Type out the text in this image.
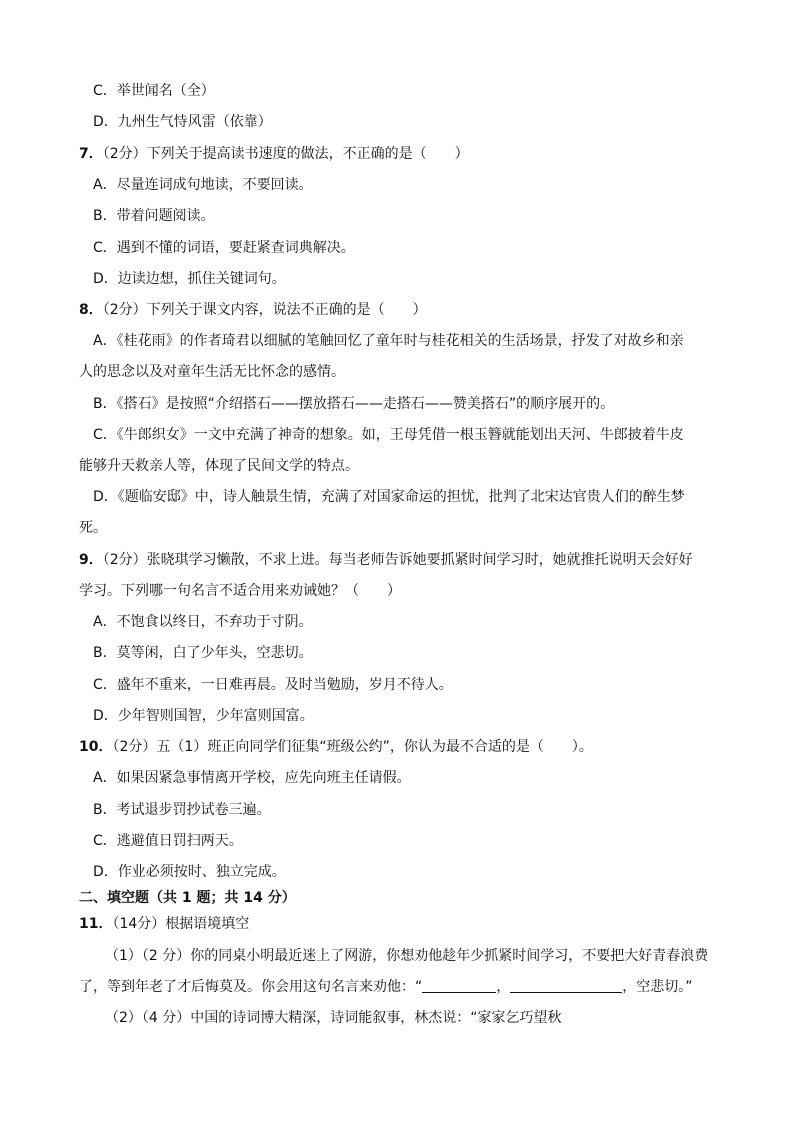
C．举世闻名（全）
D．九州生气恃风雷（依靠）
7．（2分）下列关于提高读书速度的做法，不正确的是（　　）
A．尽量连词成句地读，不要回读。
B．带着问题阅读。
C．遇到不懂的词语，要赶紧查词典解决。
D．边读边想，抓住关键词句。
8．（2分）下列关于课文内容，说法不正确的是（　　）
A．《桂花雨》的作者琦君以细腻的笔触回忆了童年时与桂花相关的生活场景，抒发了对故乡和亲
人的思念以及对童年生活无比怀念的感情。
B．《搭石》是按照“介绍搭石——摆放搭石——走搭石——赞美搭石”的顺序展开的。
C．《牛郎织女》一文中充满了神奇的想象。如，王母凭借一根玉簪就能划出天河、牛郎披着牛皮
能够升天救亲人等，体现了民间文学的特点。
D．《题临安邸》中，诗人触景生情，充满了对国家命运的担忧，批判了北宋达官贵人们的醉生梦
死。
9．（2分）张晓琪学习懒散，不求上进。每当老师告诉她要抓紧时间学习时，她就推托说明天会好好
学习。下列哪一句名言不适合用来劝诫她？（　　）
A．不饱食以终日，不弃功于寸阴。
B．莫等闲，白了少年头，空悲切。
C．盛年不重来，一日难再晨。及时当勉励，岁月不待人。
D．少年智则国智，少年富则国富。
10．（2分）五（1）班正向同学们征集“班级公约”，你认为最不合适的是（　　）。
A．如果因紧急事情离开学校，应先向班主任请假。
B．考试退步罚抄试卷三遍。
C．逃避值日罚扫两天。
D．作业必须按时、独立完成。
二、填空题（共 1 题；共 14 分）
11．（14分）根据语境填空
（1）（2 分）你的同桌小明最近迷上了网游，你想劝他趁年少抓紧时间学习，不要把大好青春浪费
了，等到年老了才后悔莫及。你会用这句名言来劝他：“	，	，空悲切。”
（2）（4 分）中国的诗词博大精深，诗词能叙事，林杰说：“家家乞巧望秋
